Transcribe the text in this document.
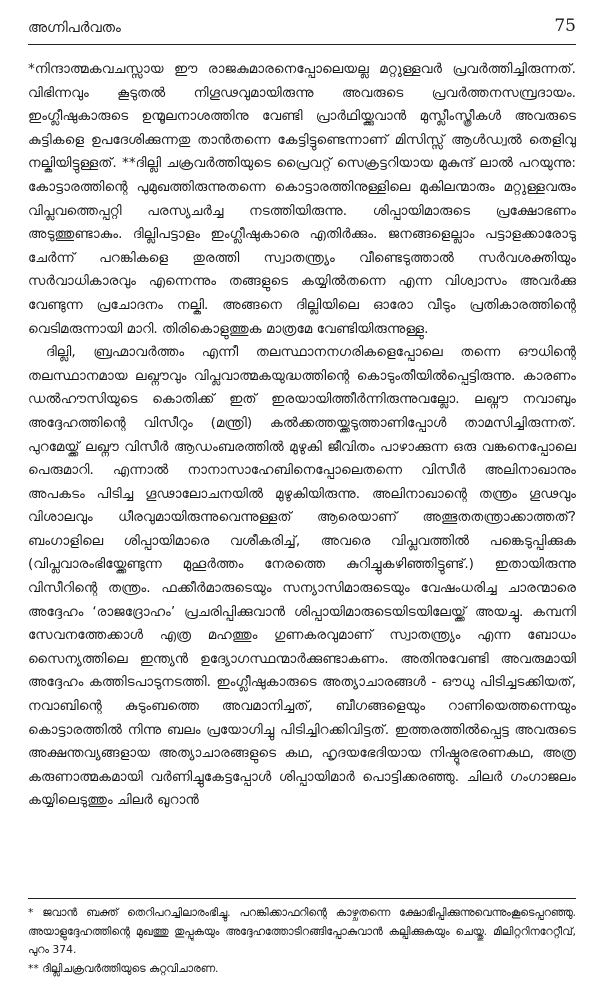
അഗ്നിപർവതം	75

*നിന്ദാത്മകവചസ്സായ ഈ രാജകുമാരനെപ്പോലെയല്ല മറ്റുള്ളവർ പ്രവർത്തിച്ചിരുന്നത്. വിഭിന്നവും കൂടുതൽ നിഗൂഢവുമായിരുന്നു അവരുടെ പ്രവർത്തനസമ്പ്രദായം. ഇംഗ്ലീഷുകാരുടെ ഉന്മൂലനാശത്തിനു വേണ്ടി പ്രാർഥിയ്ക്കുവാൻ മുസ്ലീംസ്ത്രീകൾ അവരുടെ കുട്ടികളെ ഉപദേശിക്കുന്നതു താൻതന്നെ കേട്ടിട്ടുണ്ടെന്നാണ് മിസിസ്സ് ആൾഡ്വൽ തെളിവു നല്കിയിട്ടുള്ളത്. **ദില്ലി ചക്രവർത്തിയുടെ പ്രൈവറ്റ് സെക്രട്ടറിയായ മുകുന്ദ് ലാൽ പറയുന്നു: കോട്ടാരത്തിന്റെ പുമുഖത്തിരുന്നുതന്നെ കൊട്ടാരത്തിനുള്ളിലെ മുകിലന്മാരും മറ്റുള്ളവരും വിപ്ലവത്തെപ്പറ്റി പരസ്യചർച്ച നടത്തിയിരുന്നു. ശിപ്പായിമാരുടെ പ്രക്ഷോഭണം അടുത്തുണ്ടാകും. ദില്ലിപട്ടാളം ഇംഗ്ലീഷുകാരെ എതിർക്കും. ജനങ്ങളെല്ലാം പട്ടാളക്കാരോടു ചേർന്ന് പറങ്കികളെ തുരത്തി സ്വാതന്ത്ര്യം വീണ്ടെടുത്താൽ സർവശക്തിയും സർവാധികാരവും എന്നെന്നും തങ്ങളുടെ കയ്യിൽതന്നെ എന്ന വിശ്വാസം അവർക്കു വേണ്ടുന്ന പ്രചോദനം നല്കി. അങ്ങനെ ദില്ലിയിലെ ഓരോ വീടും പ്രതികാരത്തിന്റെ വെടിമരുന്നായി മാറി. തിരികൊളുത്തുക മാത്രമേ വേണ്ടിയിരുന്നുള്ളു.

ദില്ലി, ബ്രഹ്മാവർത്തം എന്നീ തലസ്ഥാനനഗരികളെപ്പോലെ തന്നെ ഔധിന്റെ തലസ്ഥാനമായ ലഖ്നൗവും വിപ്ലവാത്മകയുദ്ധത്തിന്റെ കൊടുംതീയിൽപ്പെട്ടിരുന്നു. കാരണം ഡൽഹൗസിയുടെ കൊതിക്ക് ഇത് ഇരയായിത്തീർന്നിരുന്നുവല്ലോ. ലഖ്നൗ നവാബും അദ്ദേഹത്തിന്റെ വിസീറും (മന്ത്രി) കൽക്കത്തയ്ക്കടുത്താണിപ്പോൾ താമസിച്ചിരുന്നത്. പുറമേയ്ക്ക് ലഖ്നൗ വിസീർ ആഡംബരത്തിൽ മുഴുകി ജീവിതം പാഴാക്കുന്ന ഒരു വങ്കനെപ്പോലെ പെരുമാറി. എന്നാൽ നാനാസാഹേബിനെപ്പോലെതന്നെ വിസീർ അലിനാഖാനും അപകടം പിടിച്ച ഗൂഢാലോചനയിൽ മുഴുകിയിരുന്നു. അലിനാഖാന്റെ തന്ത്രം ഗൂഢവും വിശാലവും ധീരവുമായിരുന്നുവെന്നുള്ളത് ആരെയാണ് അത്ഭുതതന്ത്രാക്കാത്തത്? ബംഗാളിലെ ശിപ്പായിമാരെ വശീകരിച്ച്, അവരെ വിപ്ലവത്തിൽ പങ്കെടുപ്പിക്കുക (വിപ്ലവാരംഭിയ്ക്കേണ്ടുന്ന മുഹൂർത്തം നേരത്തെ കുറിച്ചുകഴിഞ്ഞിട്ടുണ്ട്.) ഇതായിരുന്നു വിസീറിന്റെ തന്ത്രം. ഫക്കീർമാരുടെയും സന്യാസിമാരുടെയും വേഷംധരിച്ച ചാരന്മാരെ അദ്ദേഹം ‘രാജദ്രോഹം’ പ്രചരിപ്പിക്കുവാൻ ശിപ്പായിമാരുടെയിടയിലേയ്ക്ക് അയച്ചു. കമ്പനി സേവനത്തേക്കാൾ എത്ര മഹത്തും ഗുണകരവുമാണ് സ്വാതന്ത്ര്യം എന്ന ബോധം സൈന്യത്തിലെ ഇന്ത്യൻ ഉദ്യോഗസ്ഥന്മാർക്കുണ്ടാകണം. അതിനുവേണ്ടി അവരുമായി അദ്ദേഹം കത്തിടപാടുനടത്തി. ഇംഗ്ലീഷുകാരുടെ അത്യാചാരങ്ങൾ - ഔധു പിടിച്ചടക്കിയത്, നവാബിന്റെ കുടുംബത്തെ അവമാനിച്ചത്, ബീഗങ്ങളെയും റാണിയെത്തന്നെയും കൊട്ടാരത്തിൽ നിന്നു ബലം പ്രയോഗിച്ചു പിടിച്ചിറക്കിവിട്ടത്. ഇത്തരത്തിൽപ്പെട്ട അവരുടെ അക്ഷന്തവ്യങ്ങളായ അത്യാചാരങ്ങളുടെ കഥ, ഹൃദയഭേദിയായ നിഷ്ഠൂരഭരണകഥ, അത്ര കരുണാത്മകമായി വർണിച്ചുകേട്ടപ്പോൾ ശിപ്പായിമാർ പൊട്ടിക്കരഞ്ഞു. ചിലർ ഗംഗാജലം കയ്യിലെടുത്തും ചിലർ ഖുറാൻ

* ജവാൻ ബക്ത് തെറിപറച്ചിലാരംഭിച്ചു. പറങ്കിക്കാഫറിന്റെ കാഴ്ചതന്നെ ക്ഷോഭിപ്പിക്കുന്നുവെന്നുംകൂടെപ്പറഞ്ഞു. അയാളുദ്ദേഹത്തിന്റെ മുഖത്തു തുപ്പുകയും അദ്ദേഹത്തോടിറങ്ങിപ്പോകുവാൻ കല്പിക്കുകയും ചെയ്തു. മിലിറ്ററിനറേറ്റീവ്, പുറം 374.

** ദില്ലിചക്രവർത്തിയുടെ കുറ്റവിചാരണ.
